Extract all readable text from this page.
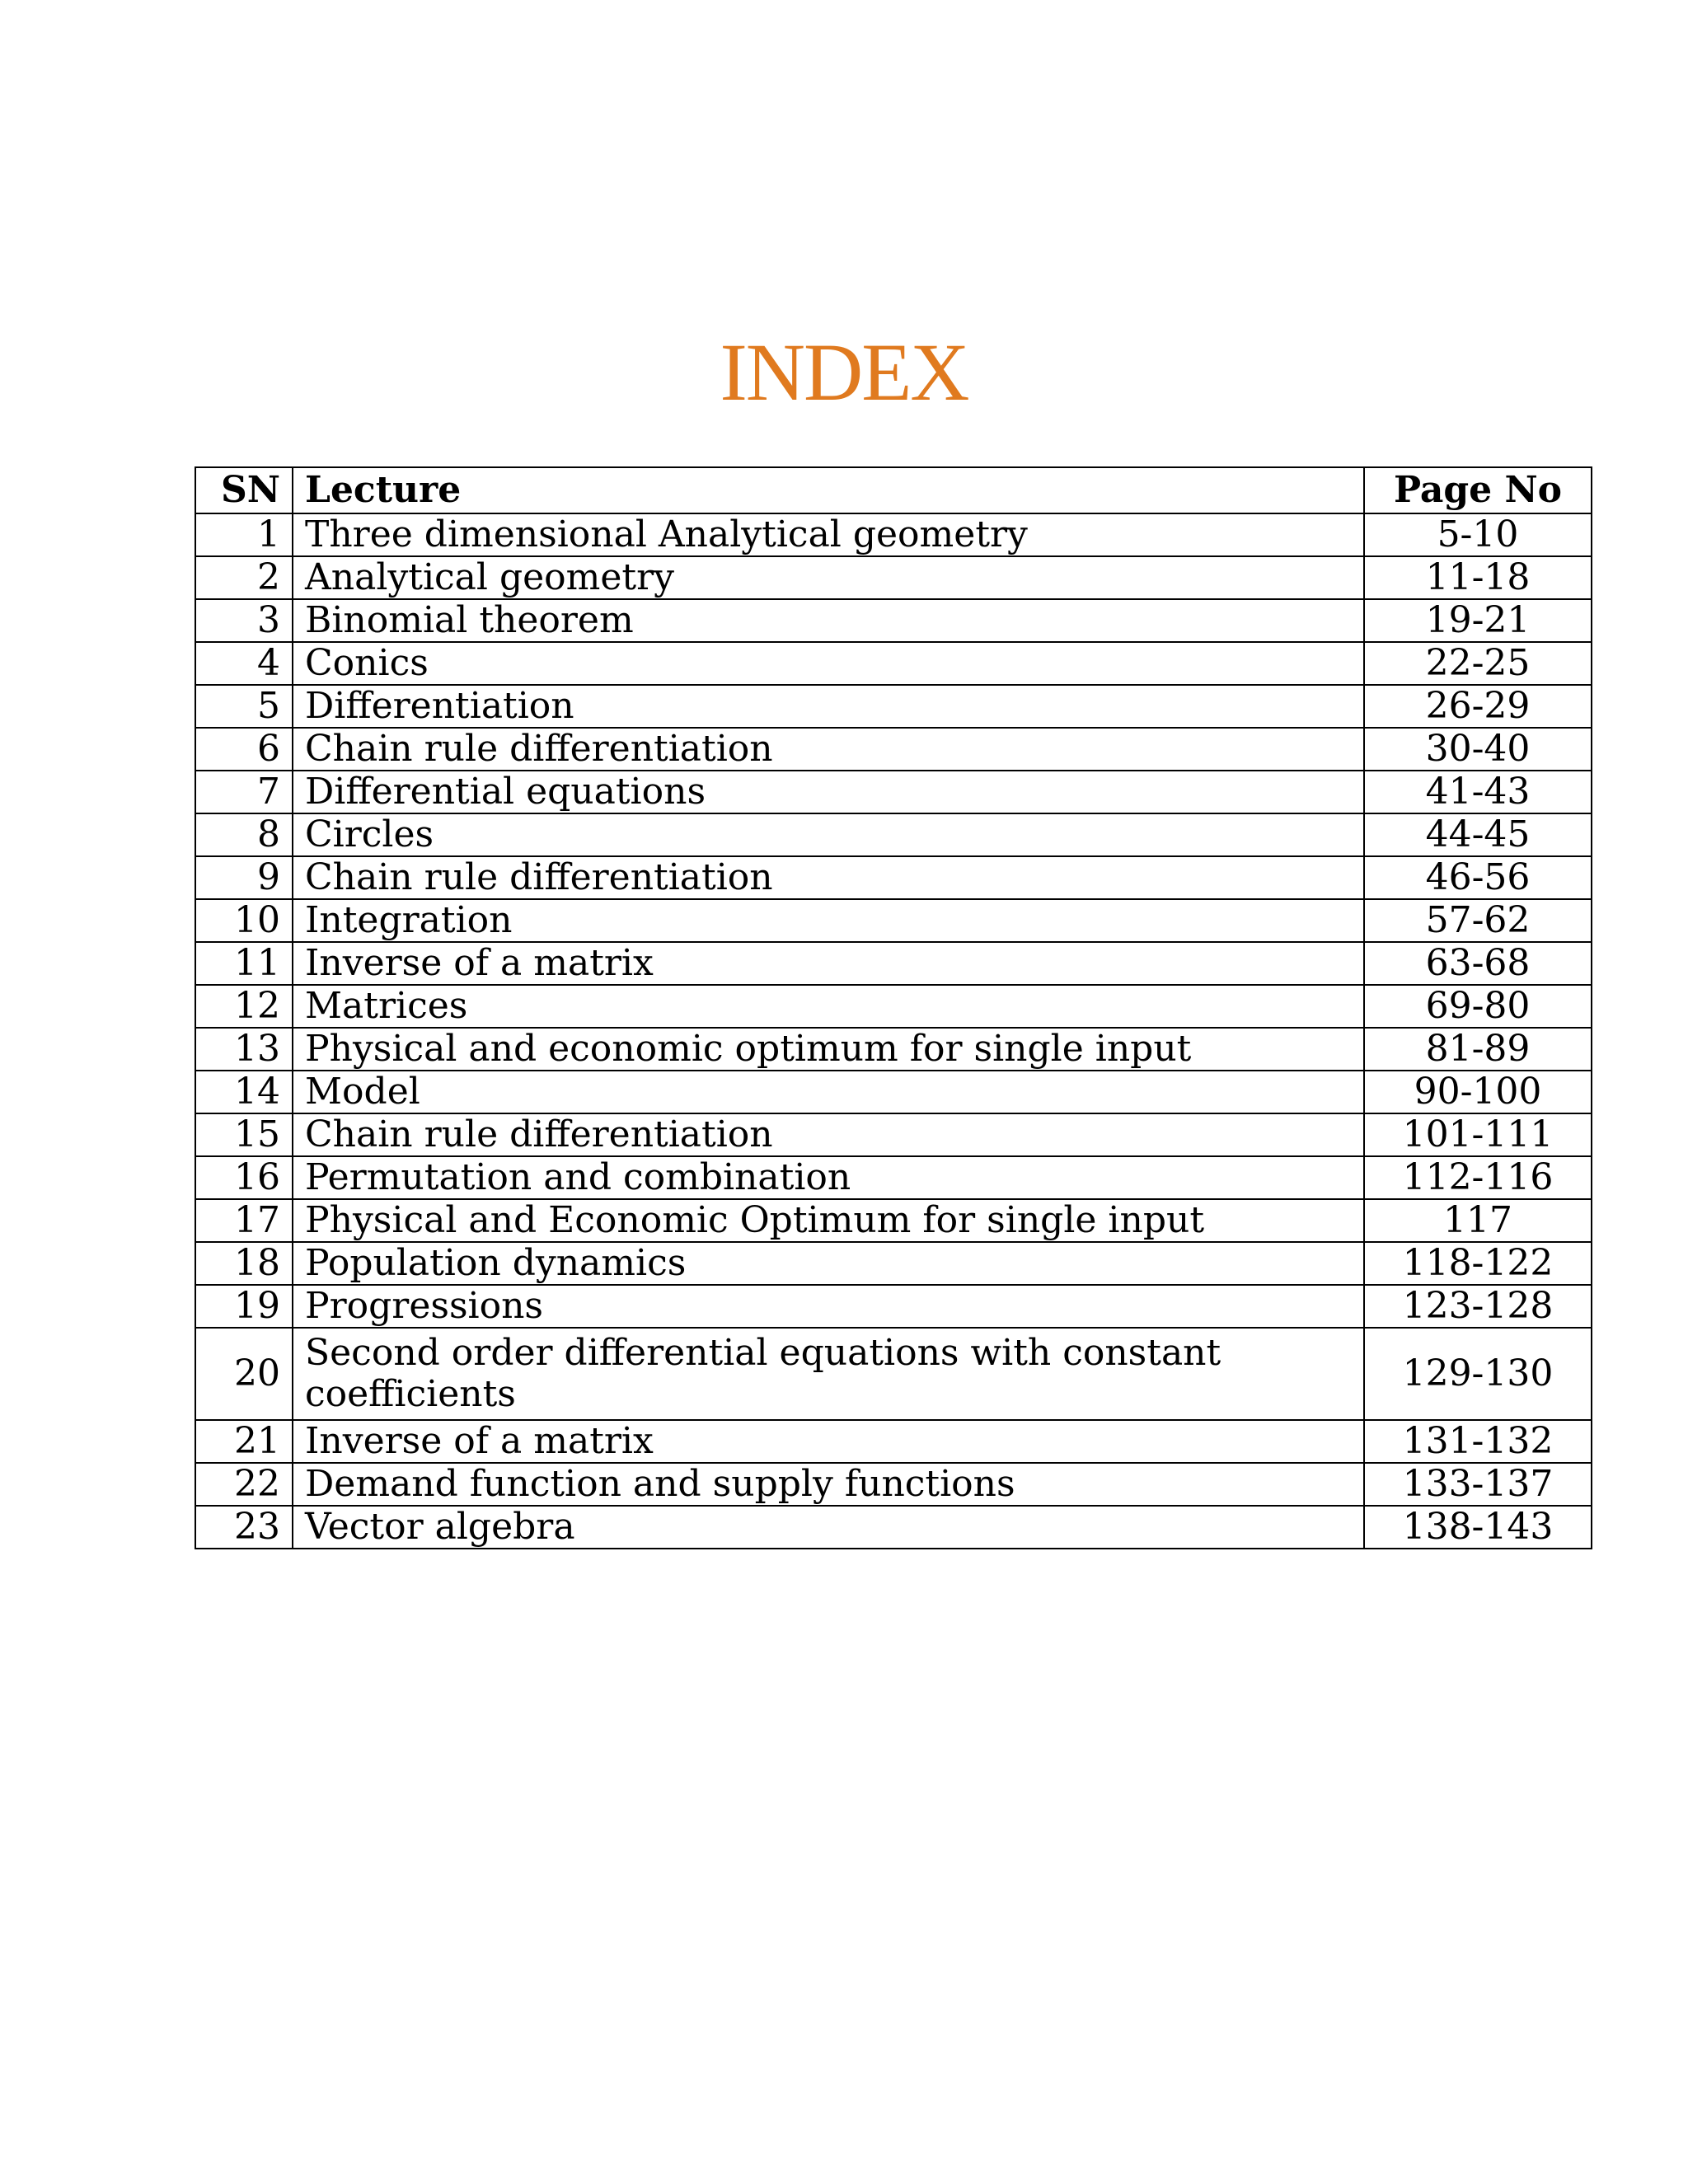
INDEX
SN	Lecture	Page No
1	Three dimensional Analytical geometry	5-10
2	Analytical geometry	11-18
3	Binomial theorem	19-21
4	Conics	22-25
5	Differentiation	26-29
6	Chain rule differentiation	30-40
7	Differential equations	41-43
8	Circles	44-45
9	Chain rule differentiation	46-56
10	Integration	57-62
11	Inverse of a matrix	63-68
12	Matrices	69-80
13	Physical and economic optimum for single input	81-89
14	Model	90-100
15	Chain rule differentiation	101-111
16	Permutation and combination	112-116
17	Physical and Economic Optimum for single input	117
18	Population dynamics	118-122
19	Progressions	123-128
20	Second order differential equations with constant coefficients	129-130
21	Inverse of a matrix	131-132
22	Demand function and supply functions	133-137
23	Vector algebra	138-143
